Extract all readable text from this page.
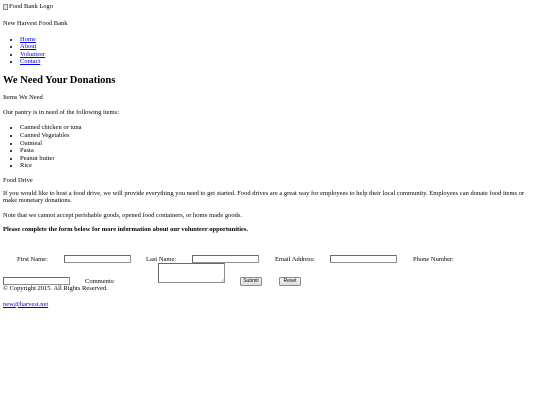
Food Bank Logo

New Harvest Food Bank

• Home
• About
• Volunteer
• Contact
We Need Your Donations

Items We Need

Our pantry is in need of the following items:

• Canned chicken or tuna
• Canned Vegetables
• Oatmeal
• Pasta
• Peanut butter
• Rice

Food Drive

If you would like to host a food drive, we will provide everything you need to get started. Food drives are a great way for employees to help their local community. Employees can donate food items or make monetary donations.

Note that we cannot accept perishable goods, opened food containers, or home made goods.

Please complete the form below for more information about our volunteer opportunities.

First Name:	Last Name:	Email Address:	Phone Number:
Comments:	Submit	Reset

© Copyright 2015. All Rights Reserved.

new@harvest.net
